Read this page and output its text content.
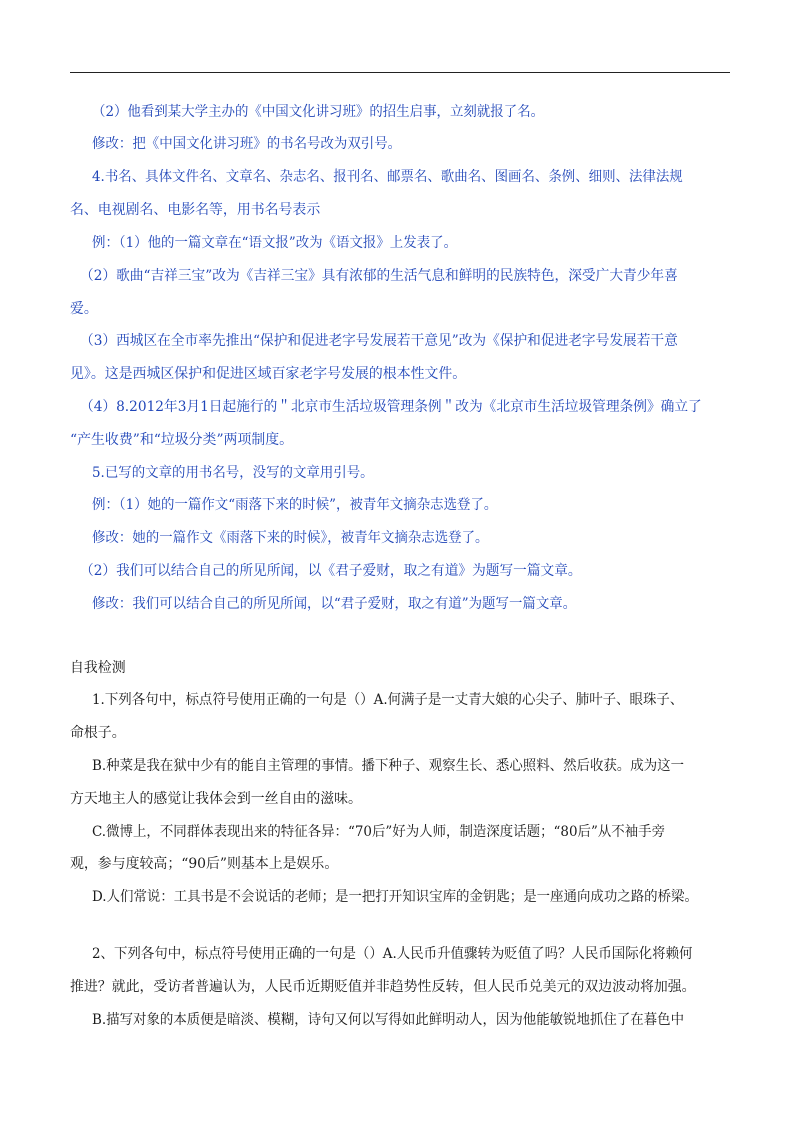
（2）他看到某大学主办的《中国文化讲习班》的招生启事，立刻就报了名。
修改：把《中国文化讲习班》的书名号改为双引号。
4.书名、具体文件名、文章名、杂志名、报刊名、邮票名、歌曲名、图画名、条例、细则、法律法规
名、电视剧名、电影名等，用书名号表示
例：（1）他的一篇文章在“语文报”改为《语文报》上发表了。
（2）歌曲“吉祥三宝”改为《吉祥三宝》具有浓郁的生活气息和鲜明的民族特色，深受广大青少年喜
爱。
（3）西城区在全市率先推出“保护和促进老字号发展若干意见”改为《保护和促进老字号发展若干意
见》。这是西城区保护和促进区域百家老字号发展的根本性文件。
（4）8.2012年3月1日起施行的＂北京市生活垃圾管理条例＂改为《北京市生活垃圾管理条例》确立了
“产生收费”和“垃圾分类”两项制度。
5.已写的文章的用书名号，没写的文章用引号。
例：（1）她的一篇作文“雨落下来的时候”，被青年文摘杂志选登了。
修改：她的一篇作文《雨落下来的时候》，被青年文摘杂志选登了。
（2）我们可以结合自己的所见所闻，以《君子爱财，取之有道》为题写一篇文章。
修改：我们可以结合自己的所见所闻，以“君子爱财，取之有道”为题写一篇文章。
自我检测
1.下列各句中，标点符号使用正确的一句是（）A.何满子是一丈青大娘的心尖子、肺叶子、眼珠子、
命根子。
B.种菜是我在狱中少有的能自主管理的事情。播下种子、观察生长、悉心照料、然后收获。成为这一
方天地主人的感觉让我体会到一丝自由的滋味。
C.微博上，不同群体表现出来的特征各异：“70后”好为人师，制造深度话题；“80后”从不袖手旁
观，参与度较高；“90后”则基本上是娱乐。
D.人们常说：工具书是不会说话的老师；是一把打开知识宝库的金钥匙；是一座通向成功之路的桥梁。
2、下列各句中，标点符号使用正确的一句是（）A.人民币升值骤转为贬值了吗？人民币国际化将赖何
推进？就此，受访者普遍认为，人民币近期贬值并非趋势性反转，但人民币兑美元的双边波动将加强。
B.描写对象的本质便是暗淡、模糊，诗句又何以写得如此鲜明动人，因为他能敏锐地抓住了在暮色中
